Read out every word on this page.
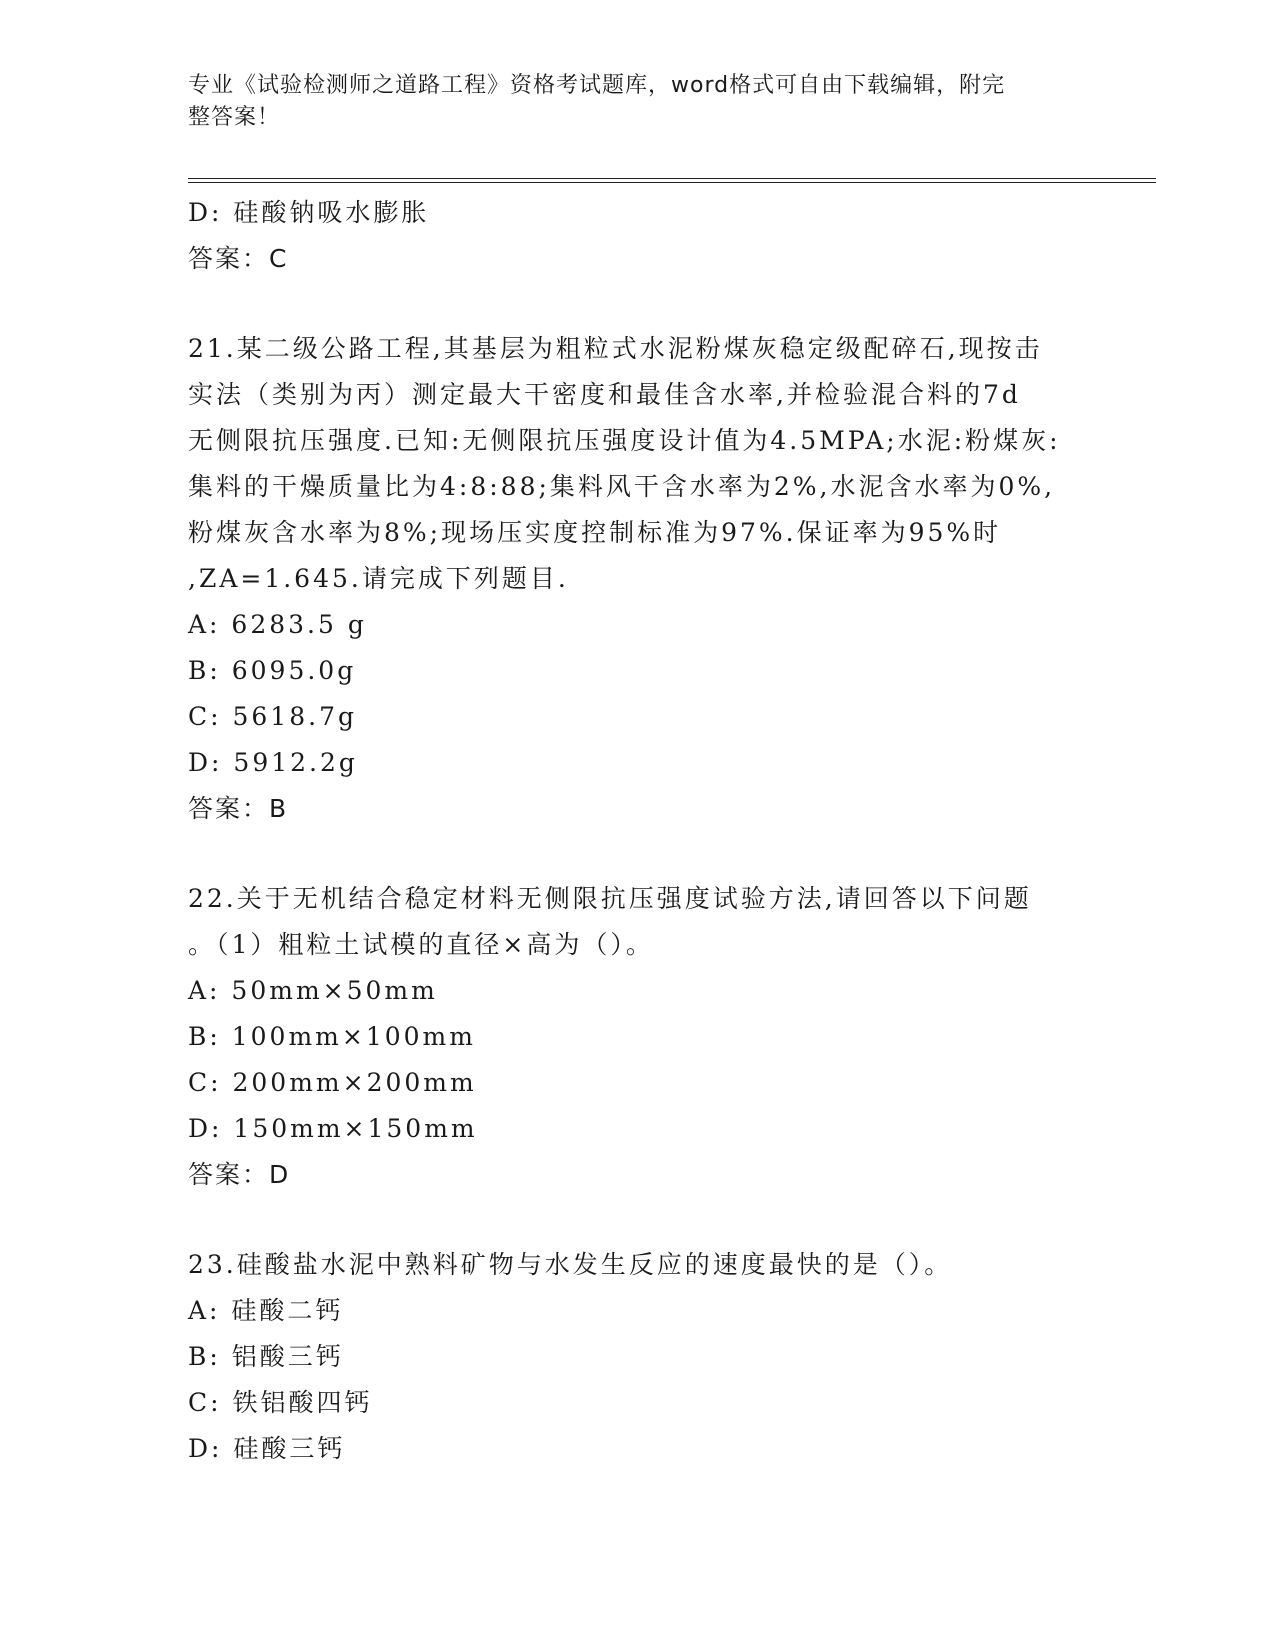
专业《试验检测师之道路工程》资格考试题库，word格式可自由下载编辑，附完
整答案！
D: 硅酸钠吸水膨胀
答案：C
21.某二级公路工程,其基层为粗粒式水泥粉煤灰稳定级配碎石,现按击
实法（类别为丙）测定最大干密度和最佳含水率,并检验混合料的7d
无侧限抗压强度.已知:无侧限抗压强度设计值为4.5MPA;水泥:粉煤灰:
集料的干燥质量比为4:8:88;集料风干含水率为2%,水泥含水率为0%,
粉煤灰含水率为8%;现场压实度控制标准为97%.保证率为95%时
,ZA=1.645.请完成下列题目.
A: 6283.5 g
B: 6095.0g
C: 5618.7g
D: 5912.2g
答案：B
22.关于无机结合稳定材料无侧限抗压强度试验方法,请回答以下问题
。（1）粗粒土试模的直径×高为（）。
A: 50mm×50mm
B: 100mm×100mm
C: 200mm×200mm
D: 150mm×150mm
答案：D
23.硅酸盐水泥中熟料矿物与水发生反应的速度最快的是（）。
A: 硅酸二钙
B: 铝酸三钙
C: 铁铝酸四钙
D: 硅酸三钙
